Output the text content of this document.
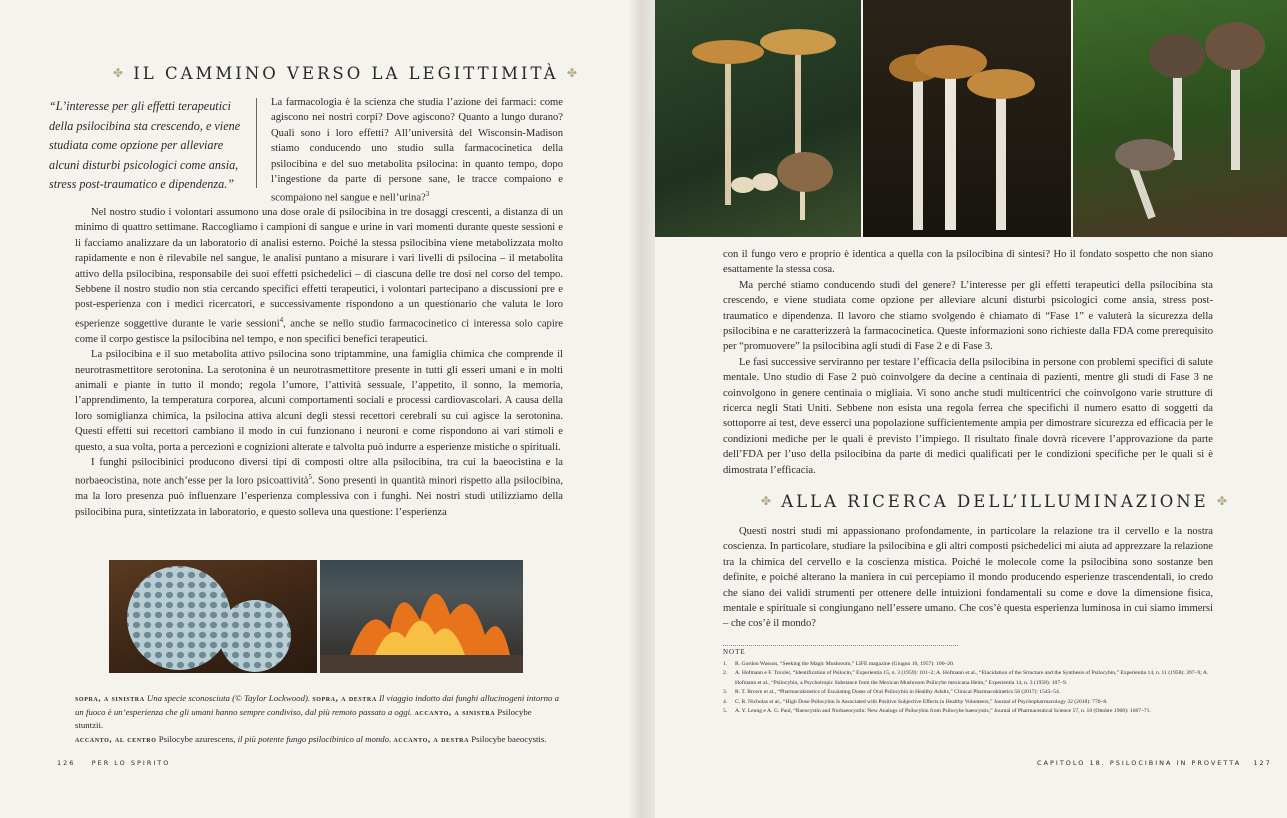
✤ IL CAMMINO VERSO LA LEGITTIMITÀ ✤
“L’interesse per gli effetti terapeutici della psilocibina sta crescendo, e viene studiata come opzione per alleviare alcuni disturbi psicologici come ansia, stress post-traumatico e dipendenza.”

La farmacologia è la scienza che studia l’azione dei farmaci: come agiscono nei nostri corpi? Dove agiscono? Quanto a lungo durano? Quali sono i loro effetti? All’università del Wisconsin-Madison stiamo conducendo uno studio sulla farmacocinetica della psilocibina e del suo metabolita psilocina: in quanto tempo, dopo l’ingestione da parte di persone sane, le tracce compaiono e scompaiono nel sangue e nell’urina?$^3$

Nel nostro studio i volontari assumono una dose orale di psilocibina in tre dosaggi crescenti, a distanza di un minimo di quattro settimane. Raccogliamo i campioni di sangue e urine in vari momenti durante queste sessioni e li facciamo analizzare da un laboratorio di analisi esterno. Poiché la stessa psilocibina viene metabolizzata molto rapidamente e non è rilevabile nel sangue, le analisi puntano a misurare i vari livelli di psilocina – il metabolita attivo della psilocibina, responsabile dei suoi effetti psichedelici – di ciascuna delle tre dosi nel corso del tempo. Sebbene il nostro studio non stia cercando specifici effetti terapeutici, i volontari partecipano a discussioni pre e post-esperienza con i medici ricercatori, e successivamente rispondono a un questionario che valuta le loro esperienze soggettive durante le varie sessioni$^4$, anche se nello studio farmacocinetico ci interessa solo capire come il corpo gestisce la psilocibina nel tempo, e non specifici benefici terapeutici.

La psilocibina e il suo metabolita attivo psilocina sono triptammine, una famiglia chimica che comprende il neurotrasmettitore serotonina. La serotonina è un neurotrasmettitore presente in tutti gli esseri umani e in molti animali e piante in tutto il mondo; regola l’umore, l’attività sessuale, l’appetito, il sonno, la memoria, l’apprendimento, la temperatura corporea, alcuni comportamenti sociali e processi cardiovascolari. A causa della loro somiglianza chimica, la psilocina attiva alcuni degli stessi recettori cerebrali su cui agisce la serotonina. Questi effetti sui recettori cambiano il modo in cui funzionano i neuroni e come rispondono ai vari stimoli e questo, a sua volta, porta a percezioni e cognizioni alterate e talvolta può indurre a esperienze mistiche o spirituali.

I funghi psilocibinici producono diversi tipi di composti oltre alla psilocibina, tra cui la baeocistina e la norbaeocistina, note anch’esse per la loro psicoattività$^5$. Sono presenti in quantità minori rispetto alla psilocibina, ma la loro presenza può influenzare l’esperienza complessiva con i funghi. Nei nostri studi utilizziamo della psilocibina pura, sintetizzata in laboratorio, e questo solleva una questione: l’esperienza

sopra, a sinistra Una specie sconosciuta (© Taylor Lockwood). sopra, a destra Il viaggio indotto dai funghi allucinogeni intorno a un fuoco è un’esperienza che gli umani hanno sempre condiviso, dal più remoto passato a oggi. accanto, a sinistra Psilocybe stuntzii.
accanto, al centro Psilocybe azurescens, il più potente fungo psilocibinico al mondo. accanto, a destra Psilocybe baeocystis.
126	PER LO SPIRITO

con il fungo vero e proprio è identica a quella con la psilocibina di sintesi? Ho il fondato sospetto che non siano esattamente la stessa cosa.

Ma perché stiamo conducendo studi del genere? L’interesse per gli effetti terapeutici della psilocibina sta crescendo, e viene studiata come opzione per alleviare alcuni disturbi psicologici come ansia, stress post-traumatico e dipendenza. Il lavoro che stiamo svolgendo è chiamato di “Fase 1” e valuterà la sicurezza della psilocibina e ne caratterizzerà la farmacocinetica. Queste informazioni sono richieste dalla FDA come prerequisito per “promuovere” la psilocibina agli studi di Fase 2 e di Fase 3.

Le fasi successive serviranno per testare l’efficacia della psilocibina in persone con problemi specifici di salute mentale. Uno studio di Fase 2 può coinvolgere da decine a centinaia di pazienti, mentre gli studi di Fase 3 ne coinvolgono in genere centinaia o migliaia. Vi sono anche studi multicentrici che coinvolgono varie strutture di ricerca negli Stati Uniti. Sebbene non esista una regola ferrea che specifichi il numero esatto di soggetti da sottoporre ai test, deve esserci una popolazione sufficientemente ampia per dimostrare sicurezza ed efficacia per le condizioni mediche per le quali è previsto l’impiego. Il risultato finale dovrà ricevere l’approvazione da parte dell’FDA per l’uso della psilocibina da parte di medici qualificati per le condizioni specifiche per le quali si è dimostrata l’efficacia.

✤ ALLA RICERCA DELL’ILLUMINAZIONE ✤

Questi nostri studi mi appassionano profondamente, in particolare la relazione tra il cervello e la nostra coscienza. In particolare, studiare la psilocibina e gli altri composti psichedelici mi aiuta ad apprezzare la relazione tra la chimica del cervello e la coscienza mistica. Poiché le molecole come la psilocibina sono sostanze ben definite, e poiché alterano la maniera in cui percepiamo il mondo producendo esperienze trascendentali, io credo che siano dei validi strumenti per ottenere delle intuizioni fondamentali su come e dove la dimensione fisica, mentale e spirituale si congiungano nell’essere umano. Che cos’è questa esperienza luminosa in cui siamo immersi – che cos’è il mondo?

NOTE
1.	R. Gordon Wasson, “Seeking the Magic Mushroom,” LIFE magazine (Giugno 10, 1957): 100–20.
2.	A. Hofmann e F. Troxler, “Identification of Psilocin,” Experientia 15, n. 3 (1959): 101–2; A. Hofmann et al., “Elucidation of the Structure and the Synthesis of Psilocybin,” Experientia 14, n. 11 (1958): 397–9; A. Hofmann et al., “Psilocybin, a Psychotropic Substance from the Mexican Mushroom Psilicybe mexicana Heim,” Experientia 14, n. 3 (1958): 107–9.
3.	R. T. Brown et al., “Pharmacokinetics of Escalating Doses of Oral Psilocybin in Healthy Adults,” Clinical Pharmacokinetics 56 (2017): 1543–54.
4.	C. R. Nicholas et al., “High Dose Psilocybin Is Associated with Positive Subjective Effects in Healthy Volunteers,” Journal of Psychopharmacology 32 (2018): 770–8.
5.	A. Y. Leung e A. G. Paul, “Baeocystin and Norbaeocystin: New Analogs of Psilocybin from Psilocybe baeocystis,” Journal of Pharmaceutical Science 57, n. 10 (Ottobre 1968): 1667–71.
CAPITOLO 18. PSILOCIBINA IN PROVETTA 127
